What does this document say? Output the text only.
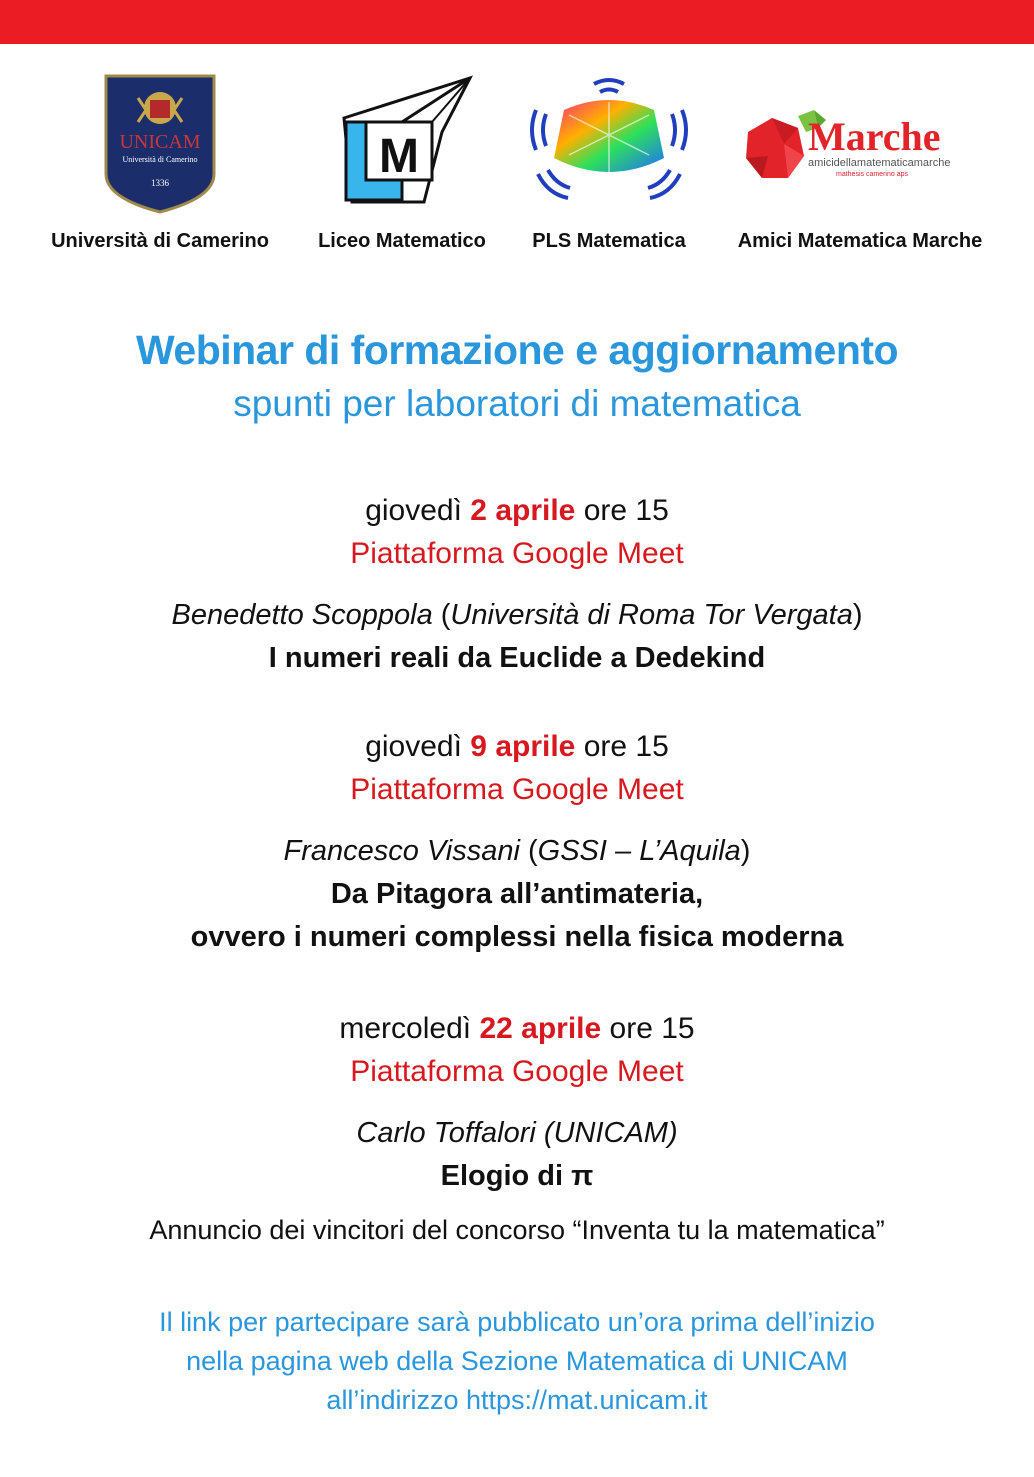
UNICAM
Università di Camerino
1336
Università di Camerino
M
Liceo Matematico	PLS Matematica
Marche
amicidellamatematicamarche
mathesis camerino aps
Amici Matematica Marche
Webinar di formazione e aggiornamento
spunti per laboratori di matematica
giovedì 2 aprile ore 15
Piattaforma Google Meet
Benedetto Scoppola (Università di Roma Tor Vergata)
I numeri reali da Euclide a Dedekind
giovedì 9 aprile ore 15
Piattaforma Google Meet
Francesco Vissani (GSSI – L’Aquila)
Da Pitagora all’antimateria,
ovvero i numeri complessi nella fisica moderna
mercoledì 22 aprile ore 15
Piattaforma Google Meet
Carlo Toffalori (UNICAM)
Elogio di π
Annuncio dei vincitori del concorso “Inventa tu la matematica”
Il link per partecipare sarà pubblicato un’ora prima dell’inizio
nella pagina web della Sezione Matematica di UNICAM
all’indirizzo https://mat.unicam.it
